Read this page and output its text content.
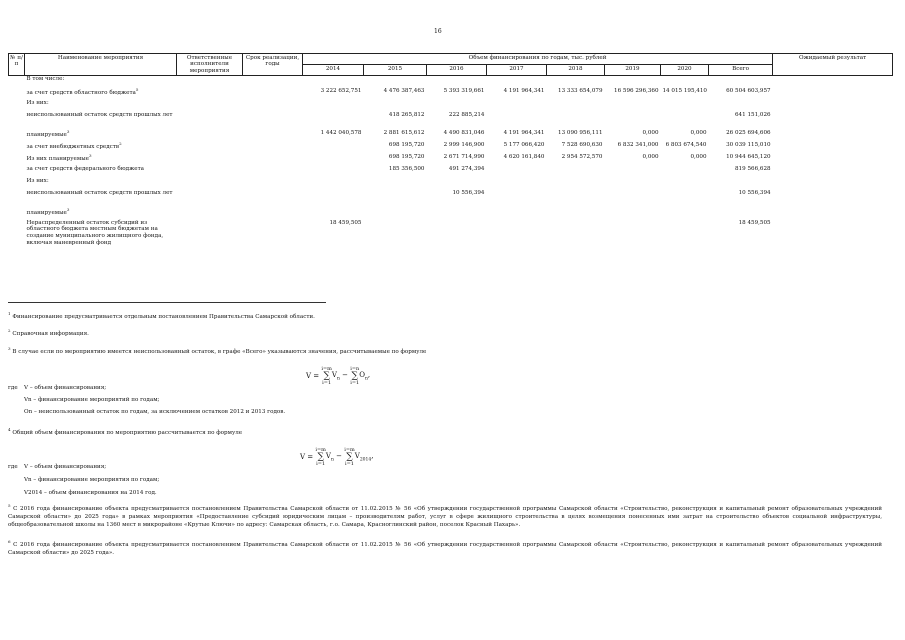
16
№ п/п	Наименование мероприятия	Ответственные исполнители мероприятия	Срок реализации, годы	Объем финансирования по годам, тыс. рублей								Ожидаемый результат
				2014	2015	2016	2017	2018	2019	2020	Всего	
	В том числе:											
	за счет средств областного бюджета$^5$			3 222 652,751	4 476 387,463	5 393 319,661	4 191 964,341	13 333 654,079	16 596 296,360	14 015 195,410	60 504 603,957	
	Из них:											
	неиспользованный остаток средств прошлых лет				418 265,812	222 885,214					641 151,026	
	планируемые$^3$			1 442 040,578	2 881 615,612	4 490 831,046	4 191 964,341	13 090 956,111	0,000	0,000	26 025 694,606	
	за счет внебюджетных средств$^2$				698 195,720	2 999 146,900	5 177 066,420	7 528 690,630	6 832 341,000	6 803 674,540	30 039 115,010	
	Из них планируемые$^3$				698 195,720	2 671 714,990	4 620 161,840	2 954 572,570	0,000	0,000	10 944 645,120	
	за счет средств федерального бюджета				185 356,500	491 274,394					819 566,628	
	Из них:											
	неиспользованный остаток средств прошлых лет					10 556,394					10 556,394	
	планируемые$^3$											
	Нераспределенный остаток субсидий из областного бюджета местным бюджетам на создание муниципального жилищного фонда, включая маневренный фонд			18 459,505							18 459,505	
$^1$ Финансирование предусматривается отдельным постановлением Правительства Самарской области.
$^2$ Справочная информация.
$^3$ В случае если по мероприятию имеется неиспользованный остаток, в графе «Всего» указываются значения, рассчитываемые по формуле
V = i=m
∑
$i=1V_n - i=n$
∑
$i=1O_n$,
где V – объем финансирования;
Vn – финансирование мероприятий по годам;
On – неиспользованный остаток по годам, за исключением остатков 2012 и 2013 годов.
$^4$ Общий объем финансирования по мероприятию рассчитывается по формуле
V = i=m
∑
$i=1V_n - i=m$
∑
$i=1V_{2014}$,
где V – объем финансирования;
Vn – финансирование мероприятия по годам;
V2014 – объем финансирования на 2014 год.
$^5$ С 2016 года финансирование объекта предусматривается постановлением Правительства Самарской области от 11.02.2015 № 56 «Об утверждении государственной программы Самарской области «Строительство, реконструкция и капитальный ремонт образовательных учреждений Самарской области» до 2025 года» в рамках мероприятия «Предоставление субсидий юридическим лицам – производителям работ, услуг в сфере жилищного строительства в целях возмещения понесенных ими затрат на строительство объектов социальной инфраструктуры, общеобразовательной школы на 1360 мест в микрорайоне «Крутые Ключи» по адресу: Самарская область, г.о. Самара, Красноглинский район, поселок Красный Пахарь».
$^6$ С 2016 года финансирование объекта предусматривается постановлением Правительства Самарской области от 11.02.2015 № 56 «Об утверждении государственной программы Самарской области «Строительство, реконструкция и капитальный ремонт образовательных учреждений Самарской области» до 2025 года».
